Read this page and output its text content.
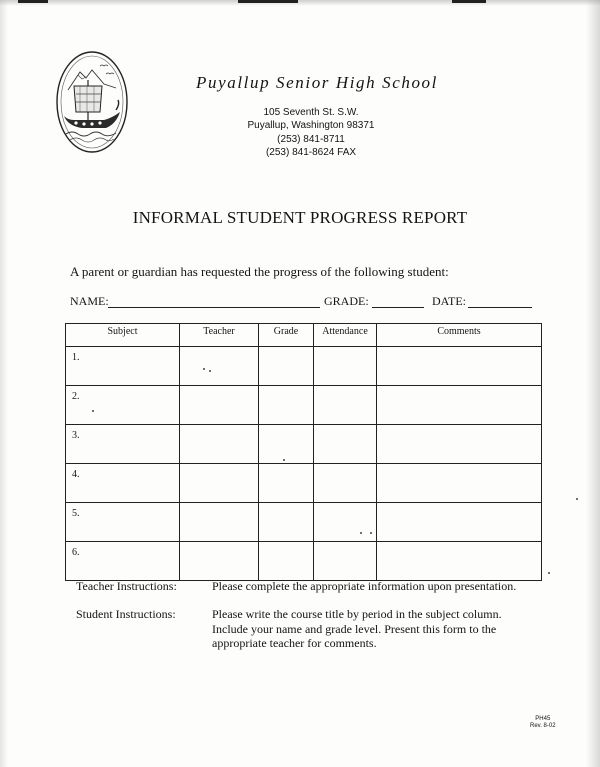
Puyallup Senior High School
105 Seventh St. S.W.
Puyallup, Washington 98371
(253) 841-8711
(253) 841-8624 FAX
INFORMAL STUDENT PROGRESS REPORT
A parent or guardian has requested the progress of the following student:
NAME:	GRADE:	DATE:
Subject	Teacher	Grade	Attendance	Comments
1.				
2.				
3.				
4.				
5.				
6.				
Teacher Instructions:	Please complete the appropriate information upon presentation.
Student Instructions:	Please write the course title by period in the subject column.
Include your name and grade level. Present this form to the
appropriate teacher for comments.
PH45
Rev. 8-02
